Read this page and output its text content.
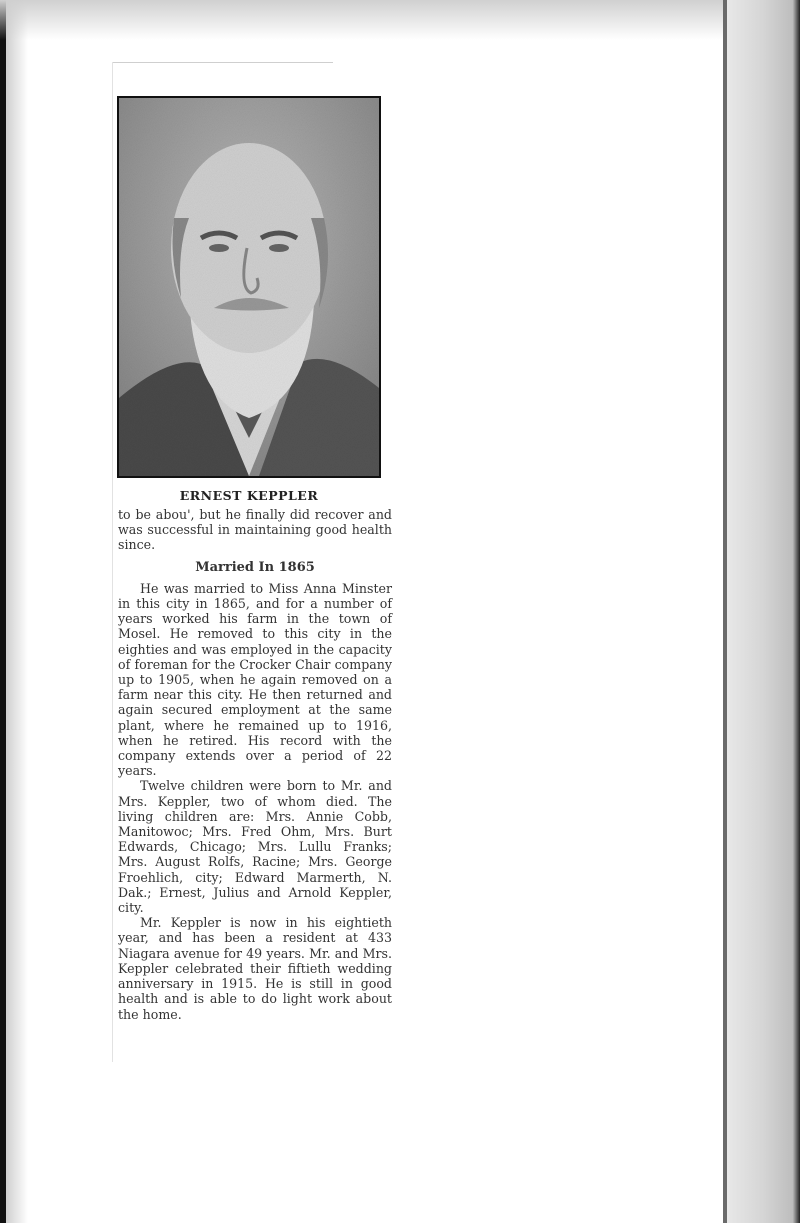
ERNEST KEPPLER

to be abou', but he finally did recover and was successful in maintaining good health since.

Married In 1865

He was married to Miss Anna Minster in this city in 1865, and for a number of years worked his farm in the town of Mosel. He removed to this city in the eighties and was employed in the capacity of foreman for the Crocker Chair company up to 1905, when he again removed on a farm near this city. He then returned and again secured employment at the same plant, where he remained up to 1916, when he retired. His record with the company extends over a period of 22 years.

Twelve children were born to Mr. and Mrs. Keppler, two of whom died. The living children are: Mrs. Annie Cobb, Manitowoc; Mrs. Fred Ohm, Mrs. Burt Edwards, Chicago; Mrs. Lullu Franks; Mrs. August Rolfs, Racine; Mrs. George Froehlich, city; Edward Marmerth, N. Dak.; Ernest, Julius and Arnold Keppler, city.

Mr. Keppler is now in his eightieth year, and has been a resident at 433 Niagara avenue for 49 years. Mr. and Mrs. Keppler celebrated their fiftieth wedding anniversary in 1915. He is still in good health and is able to do light work about the home.
